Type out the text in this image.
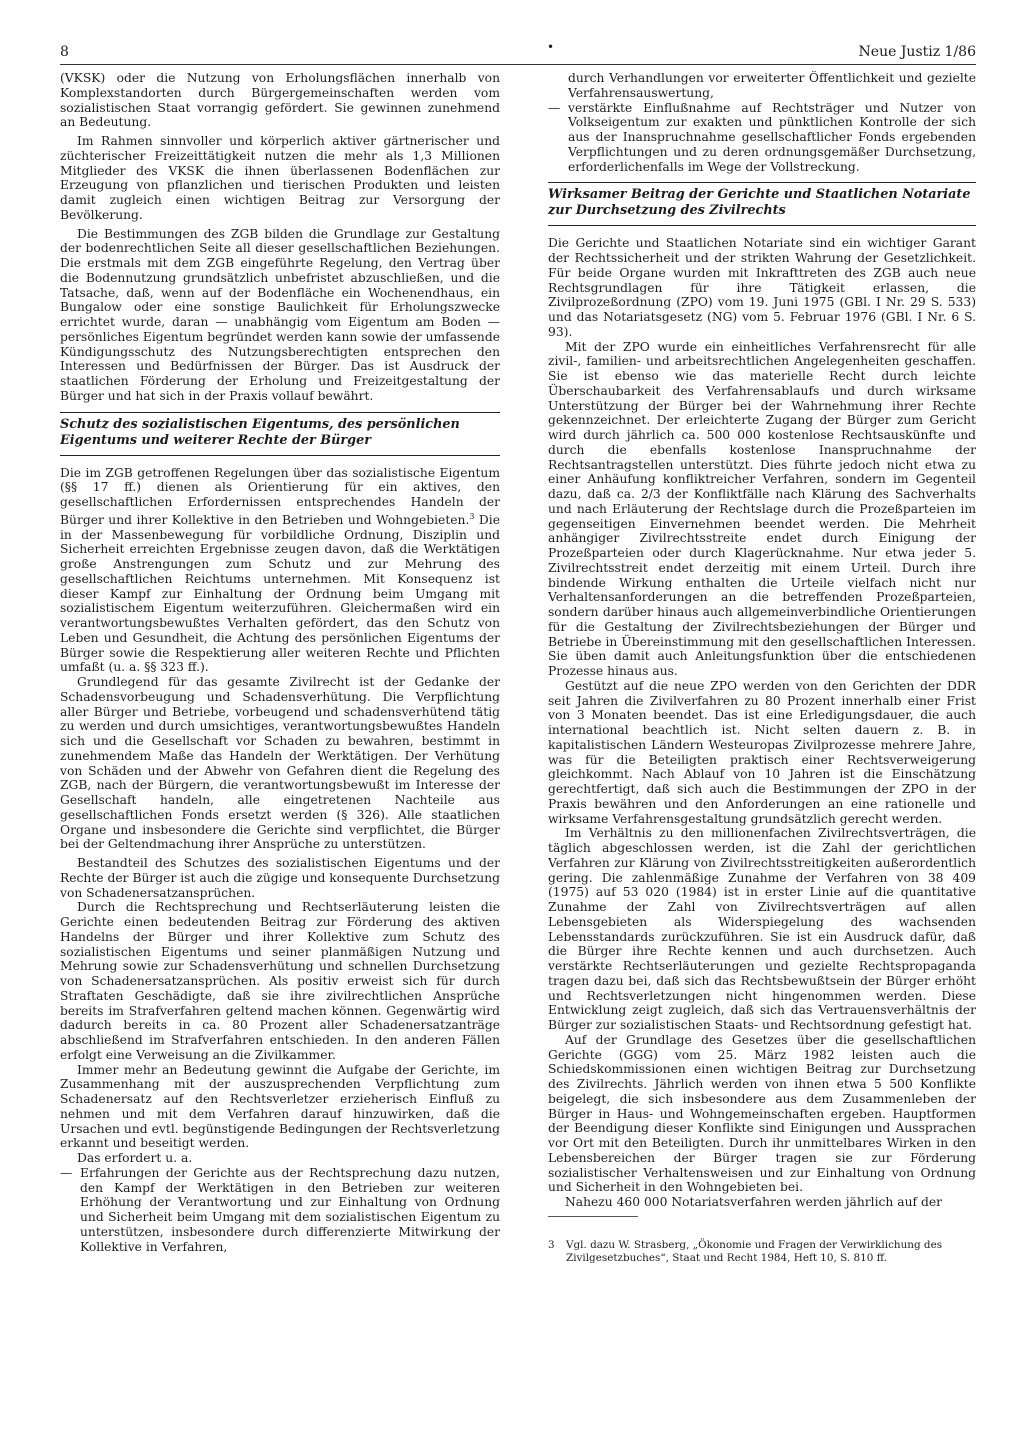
8	•	Neue Justiz 1/86

(VKSK) oder die Nutzung von Erholungsflächen innerhalb von Komplexstandorten durch Bürgergemeinschaften werden vom sozialistischen Staat vorrangig gefördert. Sie gewinnen zunehmend an Bedeutung.

Im Rahmen sinnvoller und körperlich aktiver gärtnerischer und züchterischer Freizeittätigkeit nutzen die mehr als 1,3 Millionen Mitglieder des VKSK die ihnen überlassenen Bodenflächen zur Erzeugung von pflanzlichen und tierischen Produkten und leisten damit zugleich einen wichtigen Beitrag zur Versorgung der Bevölkerung.

Die Bestimmungen des ZGB bilden die Grundlage zur Gestaltung der bodenrechtlichen Seite all dieser gesellschaftlichen Beziehungen. Die erstmals mit dem ZGB eingeführte Regelung, den Vertrag über die Bodennutzung grundsätzlich unbefristet abzuschließen, und die Tatsache, daß, wenn auf der Bodenfläche ein Wochenendhaus, ein Bungalow oder eine sonstige Baulichkeit für Erholungszwecke errichtet wurde, daran — unabhängig vom Eigentum am Boden — persönliches Eigentum begründet werden kann sowie der umfassende Kündigungsschutz des Nutzungsberechtigten entsprechen den Interessen und Bedürfnissen der Bürger. Das ist Ausdruck der staatlichen Förderung der Erholung und Freizeitgestaltung der Bürger und hat sich in der Praxis vollauf bewährt.

Schutz des sozialistischen Eigentums, des persönlichen Eigentums und weiterer Rechte der Bürger

Die im ZGB getroffenen Regelungen über das sozialistische Eigentum (§§ 17 ff.) dienen als Orientierung für ein aktives, den gesellschaftlichen Erfordernissen entsprechendes Handeln der Bürger und ihrer Kollektive in den Betrieben und Wohngebieten.$^3$ Die in der Massenbewegung für vorbildliche Ordnung, Disziplin und Sicherheit erreichten Ergebnisse zeugen davon, daß die Werktätigen große Anstrengungen zum Schutz und zur Mehrung des gesellschaftlichen Reichtums unternehmen. Mit Konsequenz ist dieser Kampf zur Einhaltung der Ordnung beim Umgang mit sozialistischem Eigentum weiterzuführen. Gleichermaßen wird ein verantwortungsbewußtes Verhalten gefördert, das den Schutz von Leben und Gesundheit, die Achtung des persönlichen Eigentums der Bürger sowie die Respektierung aller weiteren Rechte und Pflichten umfaßt (u. a. §§ 323 ff.).

Grundlegend für das gesamte Zivilrecht ist der Gedanke der Schadensvorbeugung und Schadensverhütung. Die Verpflichtung aller Bürger und Betriebe, vorbeugend und schadensverhütend tätig zu werden und durch umsichtiges, verantwortungsbewußtes Handeln sich und die Gesellschaft vor Schaden zu bewahren, bestimmt in zunehmendem Maße das Handeln der Werktätigen. Der Verhütung von Schäden und der Abwehr von Gefahren dient die Regelung des ZGB, nach der Bürgern, die verantwortungsbewußt im Interesse der Gesellschaft handeln, alle eingetretenen Nachteile aus gesellschaftlichen Fonds ersetzt werden (§ 326). Alle staatlichen Organe und insbesondere die Gerichte sind verpflichtet, die Bürger bei der Geltendmachung ihrer Ansprüche zu unterstützen.

Bestandteil des Schutzes des sozialistischen Eigentums und der Rechte der Bürger ist auch die zügige und konsequente Durchsetzung von Schadenersatzansprüchen.

Durch die Rechtsprechung und Rechtserläuterung leisten die Gerichte einen bedeutenden Beitrag zur Förderung des aktiven Handelns der Bürger und ihrer Kollektive zum Schutz des sozialistischen Eigentums und seiner planmäßigen Nutzung und Mehrung sowie zur Schadensverhütung und schnellen Durchsetzung von Schadenersatzansprüchen. Als positiv erweist sich für durch Straftaten Geschädigte, daß sie ihre zivilrechtlichen Ansprüche bereits im Strafverfahren geltend machen können. Gegenwärtig wird dadurch bereits in ca. 80 Prozent aller Schadenersatzanträge abschließend im Strafverfahren entschieden. In den anderen Fällen erfolgt eine Verweisung an die Zivilkammer.

Immer mehr an Bedeutung gewinnt die Aufgabe der Gerichte, im Zusammenhang mit der auszusprechenden Verpflichtung zum Schadenersatz auf den Rechtsverletzer erzieherisch Einfluß zu nehmen und mit dem Verfahren darauf hinzuwirken, daß die Ursachen und evtl. begünstigende Bedingungen der Rechtsverletzung erkannt und beseitigt werden.

Das erfordert u. a.

— Erfahrungen der Gerichte aus der Rechtsprechung dazu nutzen, den Kampf der Werktätigen in den Betrieben zur weiteren Erhöhung der Verantwortung und zur Einhaltung von Ordnung und Sicherheit beim Umgang mit dem sozialistischen Eigentum zu unterstützen, insbesondere durch differenzierte Mitwirkung der Kollektive in Verfahren,
durch Verhandlungen vor erweiterter Öffentlichkeit und gezielte Verfahrensauswertung,
— verstärkte Einflußnahme auf Rechtsträger und Nutzer von Volkseigentum zur exakten und pünktlichen Kontrolle der sich aus der Inanspruchnahme gesellschaftlicher Fonds ergebenden Verpflichtungen und zu deren ordnungsgemäßer Durchsetzung, erforderlichenfalls im Wege der Vollstreckung.
Wirksamer Beitrag der Gerichte und Staatlichen Notariate zur Durchsetzung des Zivilrechts

Die Gerichte und Staatlichen Notariate sind ein wichtiger Garant der Rechtssicherheit und der strikten Wahrung der Gesetzlichkeit. Für beide Organe wurden mit Inkrafttreten des ZGB auch neue Rechtsgrundlagen für ihre Tätigkeit erlassen, die Zivilprozeßordnung (ZPO) vom 19. Juni 1975 (GBl. I Nr. 29 S. 533) und das Notariatsgesetz (NG) vom 5. Februar 1976 (GBl. I Nr. 6 S. 93).

Mit der ZPO wurde ein einheitliches Verfahrensrecht für alle zivil-, familien- und arbeitsrechtlichen Angelegenheiten geschaffen. Sie ist ebenso wie das materielle Recht durch leichte Überschaubarkeit des Verfahrensablaufs und durch wirksame Unterstützung der Bürger bei der Wahrnehmung ihrer Rechte gekennzeichnet. Der erleichterte Zugang der Bürger zum Gericht wird durch jährlich ca. 500 000 kostenlose Rechtsauskünfte und durch die ebenfalls kostenlose Inanspruchnahme der Rechtsantragstellen unterstützt. Dies führte jedoch nicht etwa zu einer Anhäufung konfliktreicher Verfahren, sondern im Gegenteil dazu, daß ca. 2/3 der Konfliktfälle nach Klärung des Sachverhalts und nach Erläuterung der Rechtslage durch die Prozeßparteien im gegenseitigen Einvernehmen beendet werden. Die Mehrheit anhängiger Zivilrechtsstreite endet durch Einigung der Prozeßparteien oder durch Klagerücknahme. Nur etwa jeder 5. Zivilrechtsstreit endet derzeitig mit einem Urteil. Durch ihre bindende Wirkung enthalten die Urteile vielfach nicht nur Verhaltensanforderungen an die betreffenden Prozeßparteien, sondern darüber hinaus auch allgemeinverbindliche Orientierungen für die Gestaltung der Zivilrechtsbeziehungen der Bürger und Betriebe in Übereinstimmung mit den gesellschaftlichen Interessen. Sie üben damit auch Anleitungsfunktion über die entschiedenen Prozesse hinaus aus.

Gestützt auf die neue ZPO werden von den Gerichten der DDR seit Jahren die Zivilverfahren zu 80 Prozent innerhalb einer Frist von 3 Monaten beendet. Das ist eine Erledigungsdauer, die auch international beachtlich ist. Nicht selten dauern z. B. in kapitalistischen Ländern Westeuropas Zivilprozesse mehrere Jahre, was für die Beteiligten praktisch einer Rechtsverweigerung gleichkommt. Nach Ablauf von 10 Jahren ist die Einschätzung gerechtfertigt, daß sich auch die Bestimmungen der ZPO in der Praxis bewähren und den Anforderungen an eine rationelle und wirksame Verfahrensgestaltung grundsätzlich gerecht werden.

Im Verhältnis zu den millionenfachen Zivilrechtsverträgen, die täglich abgeschlossen werden, ist die Zahl der gerichtlichen Verfahren zur Klärung von Zivilrechtsstreitigkeiten außerordentlich gering. Die zahlenmäßige Zunahme der Verfahren von 38 409 (1975) auf 53 020 (1984) ist in erster Linie auf die quantitative Zunahme der Zahl von Zivilrechtsverträgen auf allen Lebensgebieten als Widerspiegelung des wachsenden Lebensstandards zurückzuführen. Sie ist ein Ausdruck dafür, daß die Bürger ihre Rechte kennen und auch durchsetzen. Auch verstärkte Rechtserläuterungen und gezielte Rechtspropaganda tragen dazu bei, daß sich das Rechtsbewußtsein der Bürger erhöht und Rechtsverletzungen nicht hingenommen werden. Diese Entwicklung zeigt zugleich, daß sich das Vertrauensverhältnis der Bürger zur sozialistischen Staats- und Rechtsordnung gefestigt hat.

Auf der Grundlage des Gesetzes über die gesellschaftlichen Gerichte (GGG) vom 25. März 1982 leisten auch die Schiedskommissionen einen wichtigen Beitrag zur Durchsetzung des Zivilrechts. Jährlich werden von ihnen etwa 5 500 Konflikte beigelegt, die sich insbesondere aus dem Zusammenleben der Bürger in Haus- und Wohngemeinschaften ergeben. Hauptformen der Beendigung dieser Konflikte sind Einigungen und Aussprachen vor Ort mit den Beteiligten. Durch ihr unmittelbares Wirken in den Lebensbereichen der Bürger tragen sie zur Förderung sozialistischer Verhaltensweisen und zur Einhaltung von Ordnung und Sicherheit in den Wohngebieten bei.

Nahezu 460 000 Notariatsverfahren werden jährlich auf der

3	Vgl. dazu W. Strasberg, „Ökonomie und Fragen der Verwirklichung des Zivilgesetzbuches“, Staat und Recht 1984, Heft 10, S. 810 ff.
